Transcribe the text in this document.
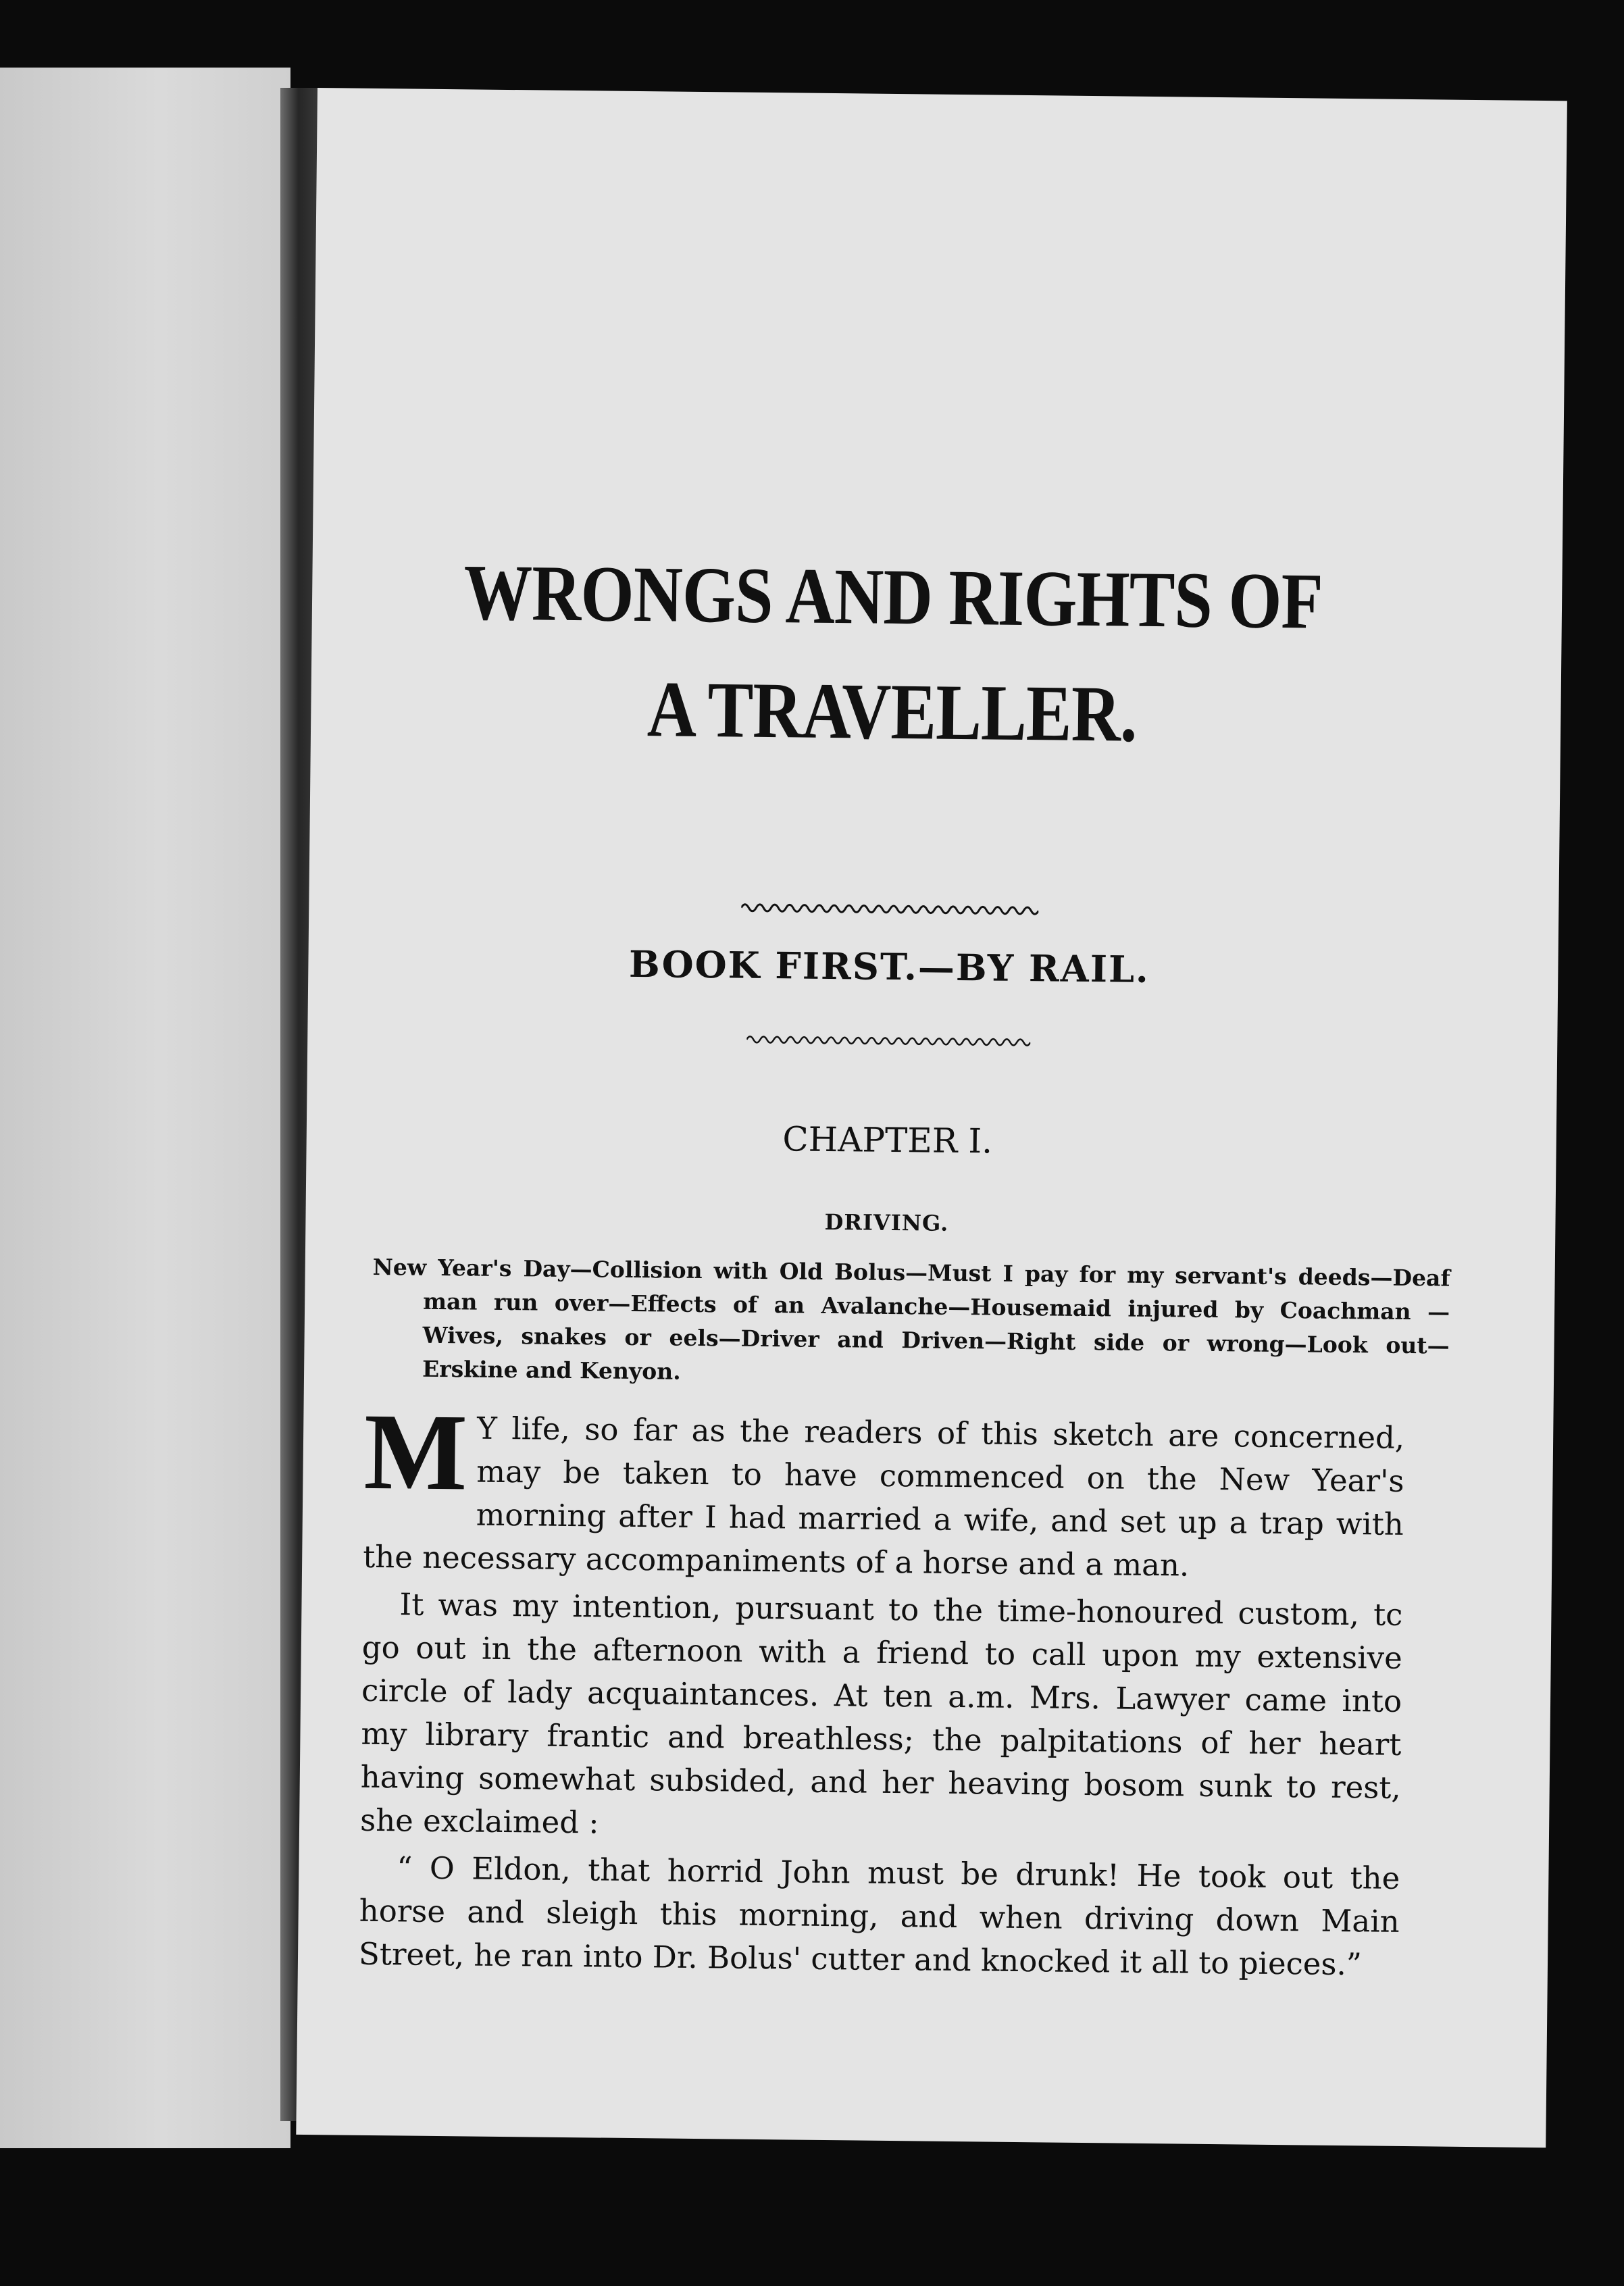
WRONGS AND RIGHTS OF A TRAVELLER.
BOOK FIRST.—BY RAIL.
CHAPTER I.
DRIVING.

New Year's Day—Collision with Old Bolus—Must I pay for my servant's deeds—Deaf man run over—Effects of an Avalanche—Housemaid injured by Coachman —Wives, snakes or eels—Driver and Driven—Right side or wrong—Look out—Erskine and Kenyon.

M Y life, so far as the readers of this sketch are concerned, may be taken to have commenced on the New Year's morning after I had married a wife, and set up a trap with the necessary accompaniments of a horse and a man.

It was my intention, pursuant to the time-honoured custom, tc go out in the afternoon with a friend to call upon my extensive circle of lady acquaintances. At ten a.m. Mrs. Lawyer came into my library frantic and breathless; the palpitations of her heart having somewhat subsided, and her heaving bosom sunk to rest, she exclaimed :

“ O Eldon, that horrid John must be drunk! He took out the horse and sleigh this morning, and when driving down Main Street, he ran into Dr. Bolus' cutter and knocked it all to pieces.”
